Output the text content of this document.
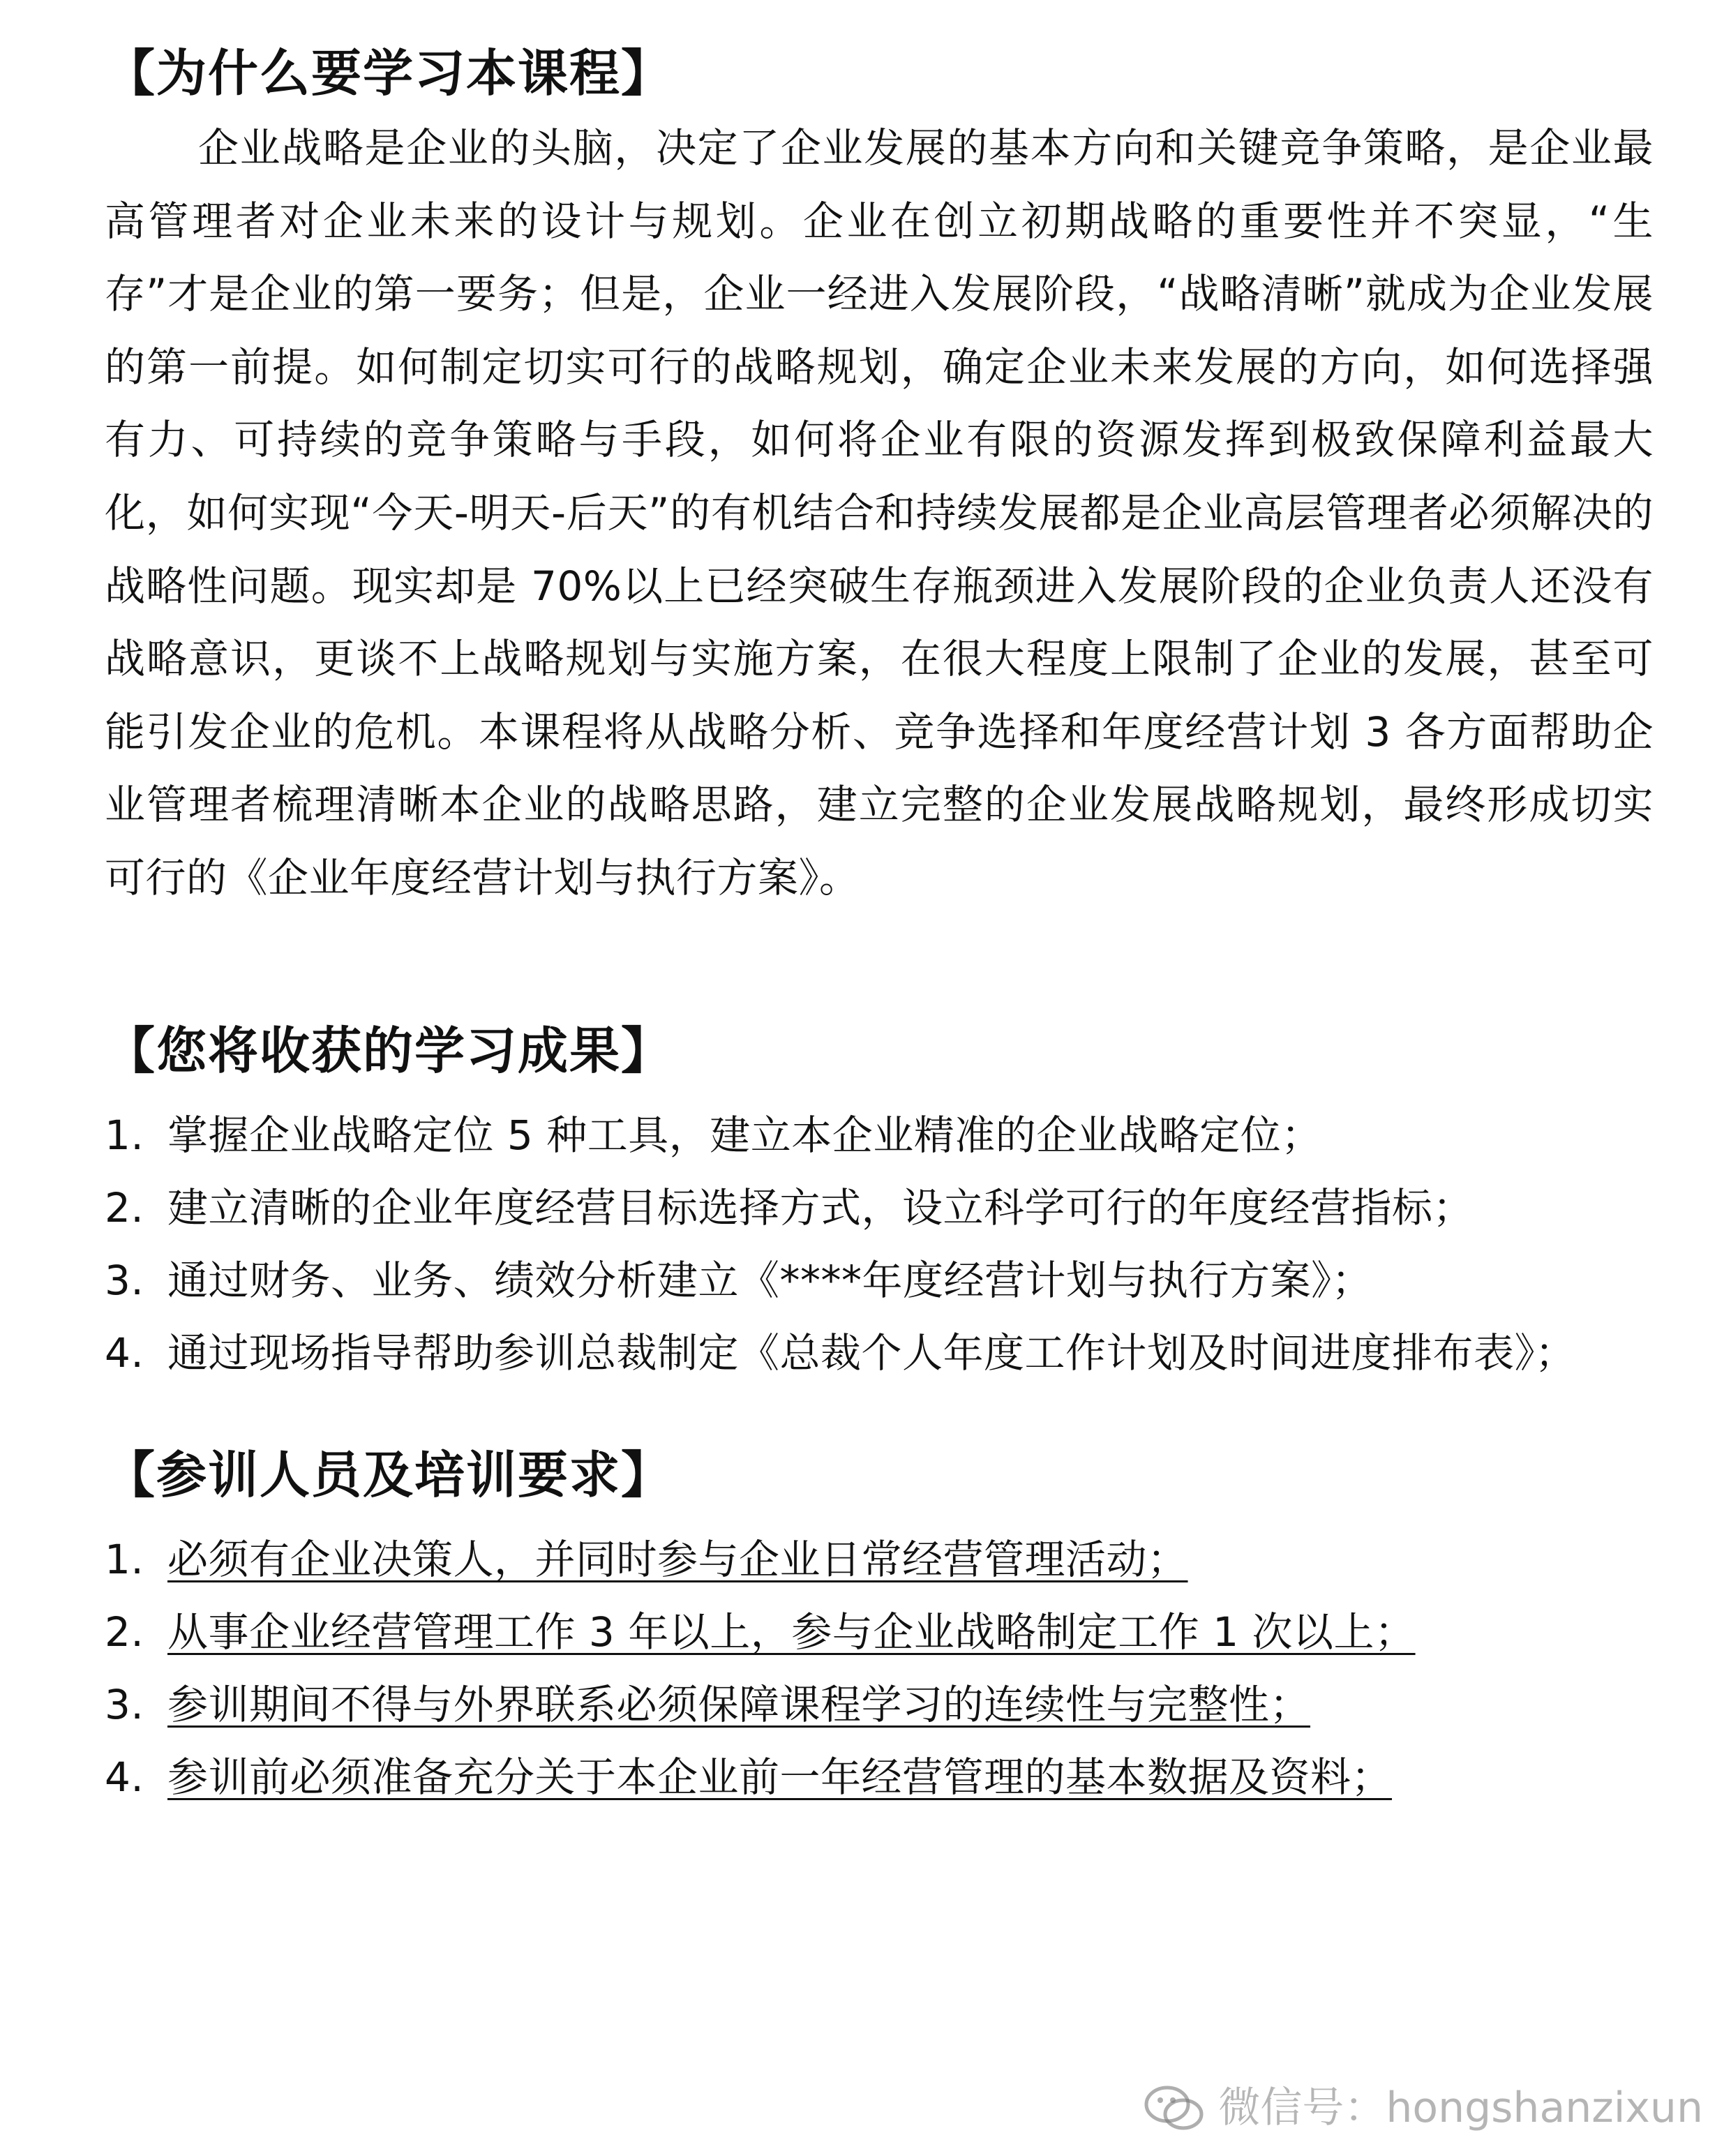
【为什么要学习本课程】

企业战略是企业的头脑，决定了企业发展的基本方向和关键竞争策略，是企业最高管理者对企业未来的设计与规划。企业在创立初期战略的重要性并不突显，“生存”才是企业的第一要务；但是，企业一经进入发展阶段，“战略清晰”就成为企业发展的第一前提。如何制定切实可行的战略规划，确定企业未来发展的方向，如何选择强有力、可持续的竞争策略与手段，如何将企业有限的资源发挥到极致保障利益最大化，如何实现“今天-明天-后天”的有机结合和持续发展都是企业高层管理者必须解决的战略性问题。现实却是 70%以上已经突破生存瓶颈进入发展阶段的企业负责人还没有战略意识，更谈不上战略规划与实施方案，在很大程度上限制了企业的发展，甚至可能引发企业的危机。本课程将从战略分析、竞争选择和年度经营计划 3 各方面帮助企业管理者梳理清晰本企业的战略思路，建立完整的企业发展战略规划，最终形成切实可行的《企业年度经营计划与执行方案》。

【您将收获的学习成果】
1. 掌握企业战略定位 5 种工具，建立本企业精准的企业战略定位；
2. 建立清晰的企业年度经营目标选择方式，设立科学可行的年度经营指标；
3. 通过财务、业务、绩效分析建立《****年度经营计划与执行方案》；
4. 通过现场指导帮助参训总裁制定《总裁个人年度工作计划及时间进度排布表》；
【参训人员及培训要求】
1. 必须有企业决策人，并同时参与企业日常经营管理活动；
2. 从事企业经营管理工作 3 年以上，参与企业战略制定工作 1 次以上；
3. 参训期间不得与外界联系必须保障课程学习的连续性与完整性；
4. 参训前必须准备充分关于本企业前一年经营管理的基本数据及资料；
微信号：hongshanzixun
